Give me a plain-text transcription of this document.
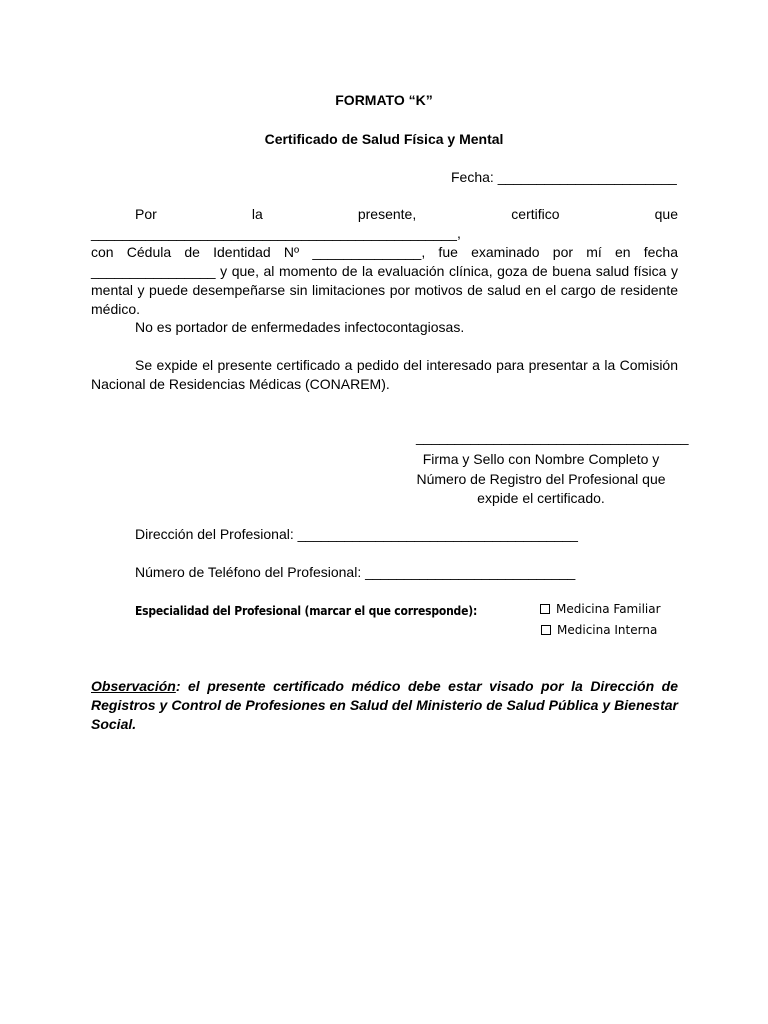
FORMATO “K”
Certificado de Salud Física y Mental
Fecha: _______________________
Por la presente, certifico que _______________________________________________,
con Cédula de Identidad Nº ______________, fue examinado por mí en fecha ________________ y que, al momento de la evaluación clínica, goza de buena salud física y mental y puede desempeñarse sin limitaciones por motivos de salud en el cargo de residente médico.
No es portador de enfermedades infectocontagiosas.
Se expide el presente certificado a pedido del interesado para presentar a la Comisión Nacional de Residencias Médicas (CONAREM).
___________________________________
Firma y Sello con Nombre Completo y
Número de Registro del Profesional que
expide el certificado.
Dirección del Profesional: ____________________________________
Número de Teléfono del Profesional: ___________________________
Especialidad del Profesional (marcar el que corresponde):	Medicina Familiar
Medicina Interna
Observación: el presente certificado médico debe estar visado por la Dirección de Registros y Control de Profesiones en Salud del Ministerio de Salud Pública y Bienestar Social.
